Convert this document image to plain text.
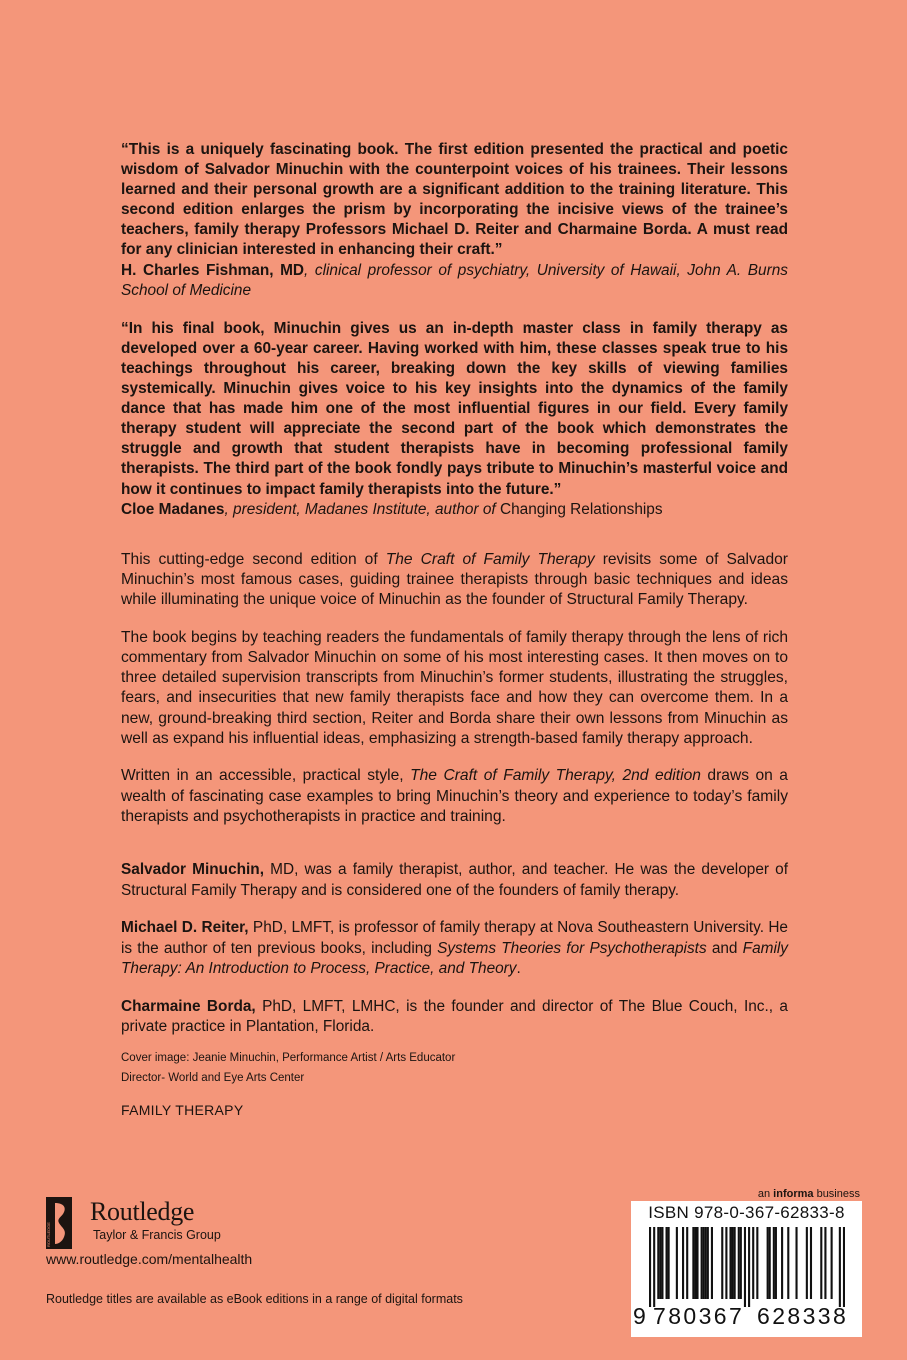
“This is a uniquely fascinating book. The first edition presented the practical and poetic wisdom of Salvador Minuchin with the counterpoint voices of his trainees. Their lessons learned and their personal growth are a significant addition to the training literature. This second edition enlarges the prism by incorporating the incisive views of the trainee’s teachers, family therapy Professors Michael D. Reiter and Charmaine Borda. A must read for any clinician interested in enhancing their craft.”

H. Charles Fishman, MD, clinical professor of psychiatry, University of Hawaii, John A. Burns School of Medicine

“In his final book, Minuchin gives us an in-depth master class in family therapy as developed over a 60-year career. Having worked with him, these classes speak true to his teachings throughout his career, breaking down the key skills of viewing families systemically. Minuchin gives voice to his key insights into the dynamics of the family dance that has made him one of the most influential figures in our field. Every family therapy student will appreciate the second part of the book which demonstrates the struggle and growth that student therapists have in becoming professional family therapists. The third part of the book fondly pays tribute to Minuchin’s masterful voice and how it continues to impact family therapists into the future.”

Cloe Madanes, president, Madanes Institute, author of Changing Relationships

This cutting-edge second edition of The Craft of Family Therapy revisits some of Salvador Minuchin’s most famous cases, guiding trainee therapists through basic techniques and ideas while illuminating the unique voice of Minuchin as the founder of Structural Family Therapy.

The book begins by teaching readers the fundamentals of family therapy through the lens of rich commentary from Salvador Minuchin on some of his most interesting cases. It then moves on to three detailed supervision transcripts from Minuchin’s former students, illustrating the struggles, fears, and insecurities that new family therapists face and how they can overcome them. In a new, ground-breaking third section, Reiter and Borda share their own lessons from Minuchin as well as expand his influential ideas, emphasizing a strength-based family therapy approach.

Written in an accessible, practical style, The Craft of Family Therapy, 2nd edition draws on a wealth of fascinating case examples to bring Minuchin’s theory and experience to today’s family therapists and psychotherapists in practice and training.

Salvador Minuchin, MD, was a family therapist, author, and teacher. He was the developer of Structural Family Therapy and is considered one of the founders of family therapy.

Michael D. Reiter, PhD, LMFT, is professor of family therapy at Nova Southeastern University. He is the author of ten previous books, including Systems Theories for Psychotherapists and Family Therapy: An Introduction to Process, Practice, and Theory.

Charmaine Borda, PhD, LMFT, LMHC, is the founder and director of The Blue Couch, Inc., a private practice in Plantation, Florida.

Cover image: Jeanie Minuchin, Performance Artist / Arts Educator
Director- World and Eye Arts Center
FAMILY THERAPY
ROUTLEDGE
Routledge
Taylor & Francis Group
www.routledge.com/mentalhealth
Routledge titles are available as eBook editions in a range of digital formats
an informa business
ISBN 978-0-367-62833-8
9 780367 628338
